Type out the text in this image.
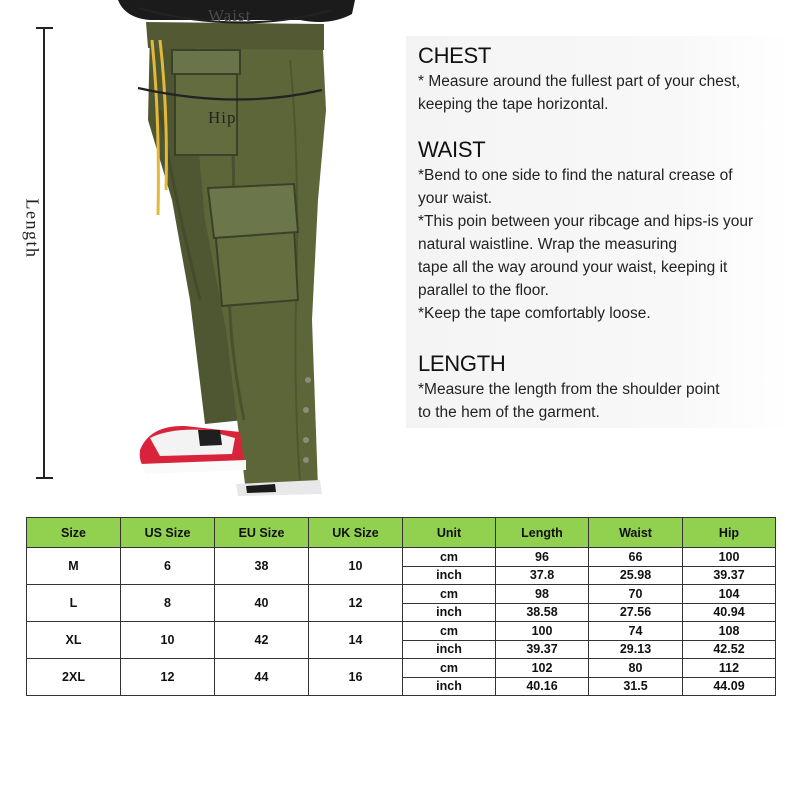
Waist
Hip
Length
CHEST
* Measure around the fullest part of your chest,
keeping the tape horizontal.
WAIST
*Bend to one side to find the natural crease of
your waist.
*This poin between your ribcage and hips-is your
natural waistline. Wrap the measuring
tape all the way around your waist, keeping it
parallel to the floor.
*Keep the tape comfortably loose.
LENGTH
*Measure the length from the shoulder point
to the hem of the garment.
Size	US Size	EU Size	UK Size	Unit	Length	Waist	Hip
M	6	38	10	cm	96	66	100
				inch	37.8	25.98	39.37
L	8	40	12	cm	98	70	104
				inch	38.58	27.56	40.94
XL	10	42	14	cm	100	74	108
				inch	39.37	29.13	42.52
2XL	12	44	16	cm	102	80	112
				inch	40.16	31.5	44.09
